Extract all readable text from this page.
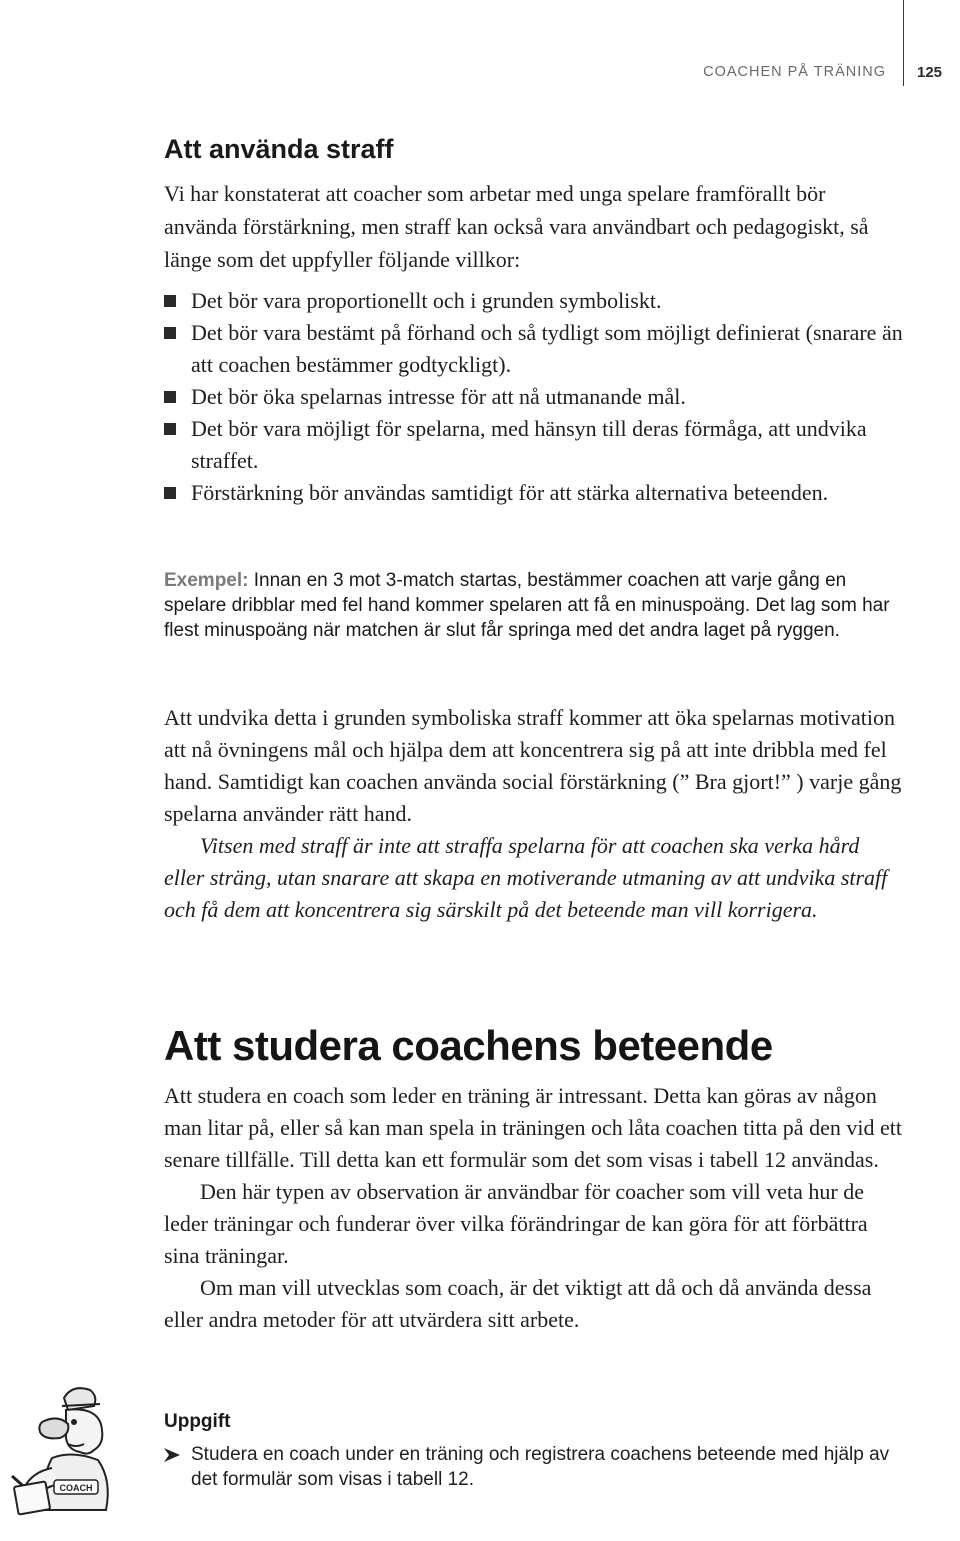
COACHEN PÅ TRÄNING 125
Att använda straff

Vi har konstaterat att coacher som arbetar med unga spelare framförallt bör använda förstärkning, men straff kan också vara användbart och pedagogiskt, så länge som det uppfyller följande villkor:

Det bör vara proportionellt och i grunden symboliskt.
Det bör vara bestämt på förhand och så tydligt som möjligt definierat (snarare än att coachen bestämmer godtyckligt).
Det bör öka spelarnas intresse för att nå utmanande mål.
Det bör vara möjligt för spelarna, med hänsyn till deras förmåga, att undvika straffet.
Förstärkning bör användas samtidigt för att stärka alternativa beteenden.

Exempel: Innan en 3 mot 3-match startas, bestämmer coachen att varje gång en spelare dribblar med fel hand kommer spelaren att få en minuspoäng. Det lag som har flest minuspoäng när matchen är slut får springa med det andra laget på ryggen.

Att undvika detta i grunden symboliska straff kommer att öka spelarnas motivation att nå övningens mål och hjälpa dem att koncentrera sig på att inte dribbla med fel hand. Samtidigt kan coachen använda social förstärkning (” Bra gjort!” ) varje gång spelarna använder rätt hand.
Vitsen med straff är inte att straffa spelarna för att coachen ska verka hård eller sträng, utan snarare att skapa en motiverande utmaning av att undvika straff och få dem att koncentrera sig särskilt på det beteende man vill korrigera.
Att studera coachens beteende
Att studera en coach som leder en träning är intressant. Detta kan göras av någon man litar på, eller så kan man spela in träningen och låta coachen titta på den vid ett senare tillfälle. Till detta kan ett formulär som det som visas i tabell 12 användas.
Den här typen av observation är användbar för coacher som vill veta hur de leder träningar och funderar över vilka förändringar de kan göra för att förbättra sina träningar.
Om man vill utvecklas som coach, är det viktigt att då och då använda dessa eller andra metoder för att utvärdera sitt arbete.
COACH
Uppgift
Studera en coach under en träning och registrera coachens beteende med hjälp av det formulär som visas i tabell 12.
